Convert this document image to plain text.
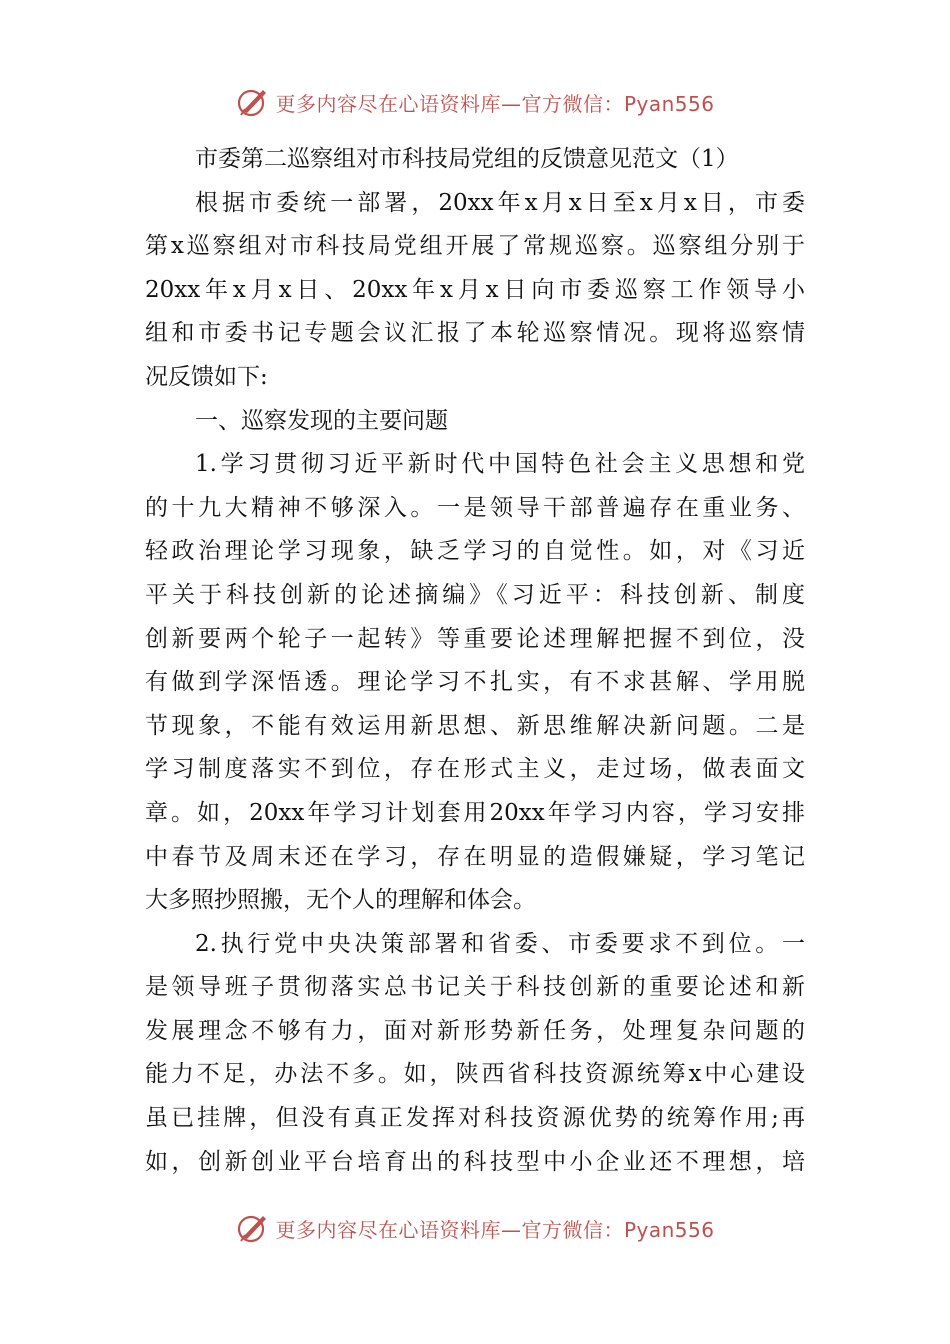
更多内容尽在心语资料库—官方微信：Pyan556
市委第二巡察组对市科技局党组的反馈意见范文（1）
根据市委统一部署，20xx年x月x日至x月x日，市委
第x巡察组对市科技局党组开展了常规巡察。巡察组分别于
20xx年x月x日、20xx年x月x日向市委巡察工作领导小
组和市委书记专题会议汇报了本轮巡察情况。现将巡察情
况反馈如下:
一、巡察发现的主要问题
1.学习贯彻习近平新时代中国特色社会主义思想和党
的十九大精神不够深入。一是领导干部普遍存在重业务、
轻政治理论学习现象，缺乏学习的自觉性。如，对《习近
平关于科技创新的论述摘编》《习近平：科技创新、制度
创新要两个轮子一起转》等重要论述理解把握不到位，没
有做到学深悟透。理论学习不扎实，有不求甚解、学用脱
节现象，不能有效运用新思想、新思维解决新问题。二是
学习制度落实不到位，存在形式主义，走过场，做表面文
章。如，20xx年学习计划套用20xx年学习内容，学习安排
中春节及周末还在学习，存在明显的造假嫌疑，学习笔记
大多照抄照搬，无个人的理解和体会。
2.执行党中央决策部署和省委、市委要求不到位。一
是领导班子贯彻落实总书记关于科技创新的重要论述和新
发展理念不够有力，面对新形势新任务，处理复杂问题的
能力不足，办法不多。如，陕西省科技资源统筹x中心建设
虽已挂牌，但没有真正发挥对科技资源优势的统筹作用;再
如，创新创业平台培育出的科技型中小企业还不理想，培
更多内容尽在心语资料库—官方微信：Pyan556
